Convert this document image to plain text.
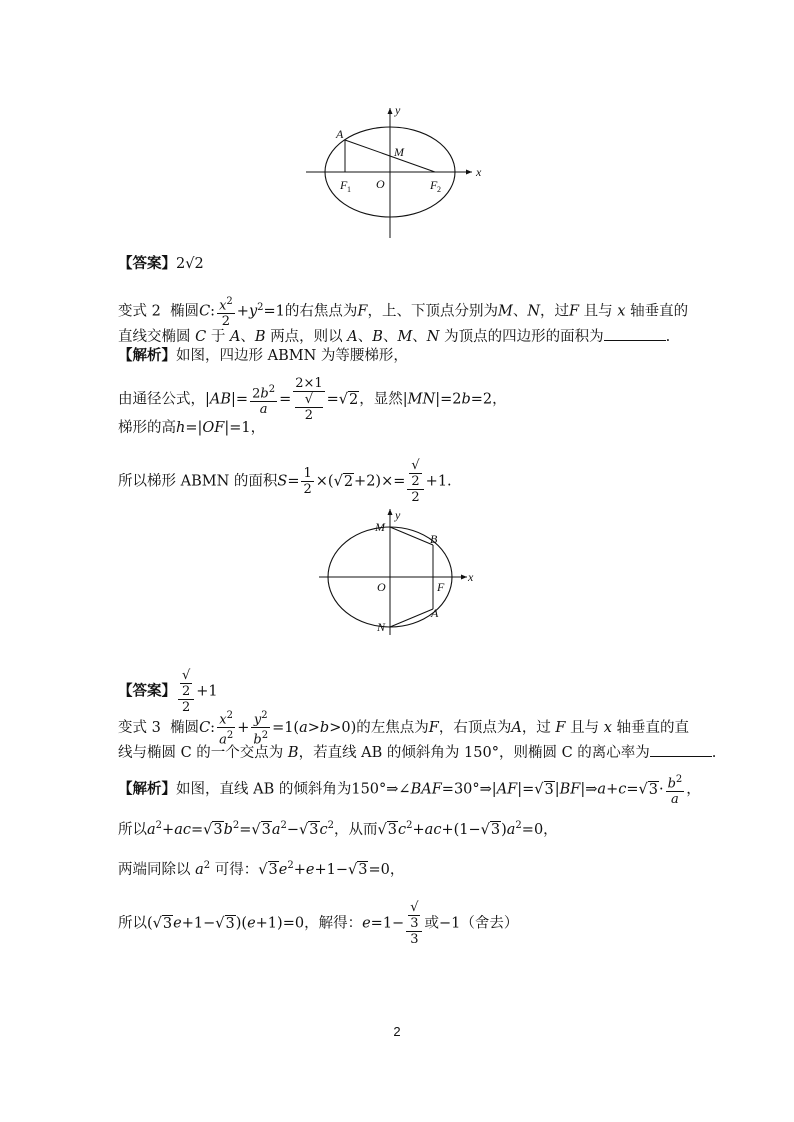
A
M
O
F 1	F 2
x
y
【答案】2√2
变式 2 椭圆C: $\frac{x^2}{2} +y^2=1$的右焦点为F，上、下顶点分别为M、N，过F 且与 x 轴垂直的
直线交椭圆 C 于 A、B 两点，则以 A、B、M、N 为顶点的四边形的面积为	.
【解析】如图，四边形 ABMN 为等腰梯形，
由通径公式，$|AB|= \frac{2b^2}{a} = 2\times 1$
√
2 =√2，显然|MN|=2b=2，
梯形的高h=|OF|=1，
所以梯形 ABMN 的面积$S= \frac{1}{2} \times(√2+2)\times=$ √
2
2 +1.
M
B
O	F
A
N
x
y
【答案】 √
2
2 +1
变式 3 椭圆C: $\frac{x^2}{a^2} + \frac{y^2}{b^2} =1(a>b>0)$的左焦点为F，右顶点为A，过 F 且与 x 轴垂直的直
线与椭圆 C 的一个交点为 B，若直线 AB 的倾斜角为 150°，则椭圆 C 的离心率为	.
【解析】如图，直线 AB 的倾斜角为150°⇒∠BAF=30°⇒|AF|=√3|BF|⇒a+c=√3· $\frac{b^2}{a}$ ，
所以$a^2+ac=√3b^2=√3a^2-√3c^2$，从而$√3c^2+ac+(1-√3)a^2=0$，
两端同除以 $a^2$ 可得：$√3e^2+e+1-√3=0$，
所以(√3e+1−√3)(e+1)=0，解得：e=1− √
3
3 或−1（舍去）
2
